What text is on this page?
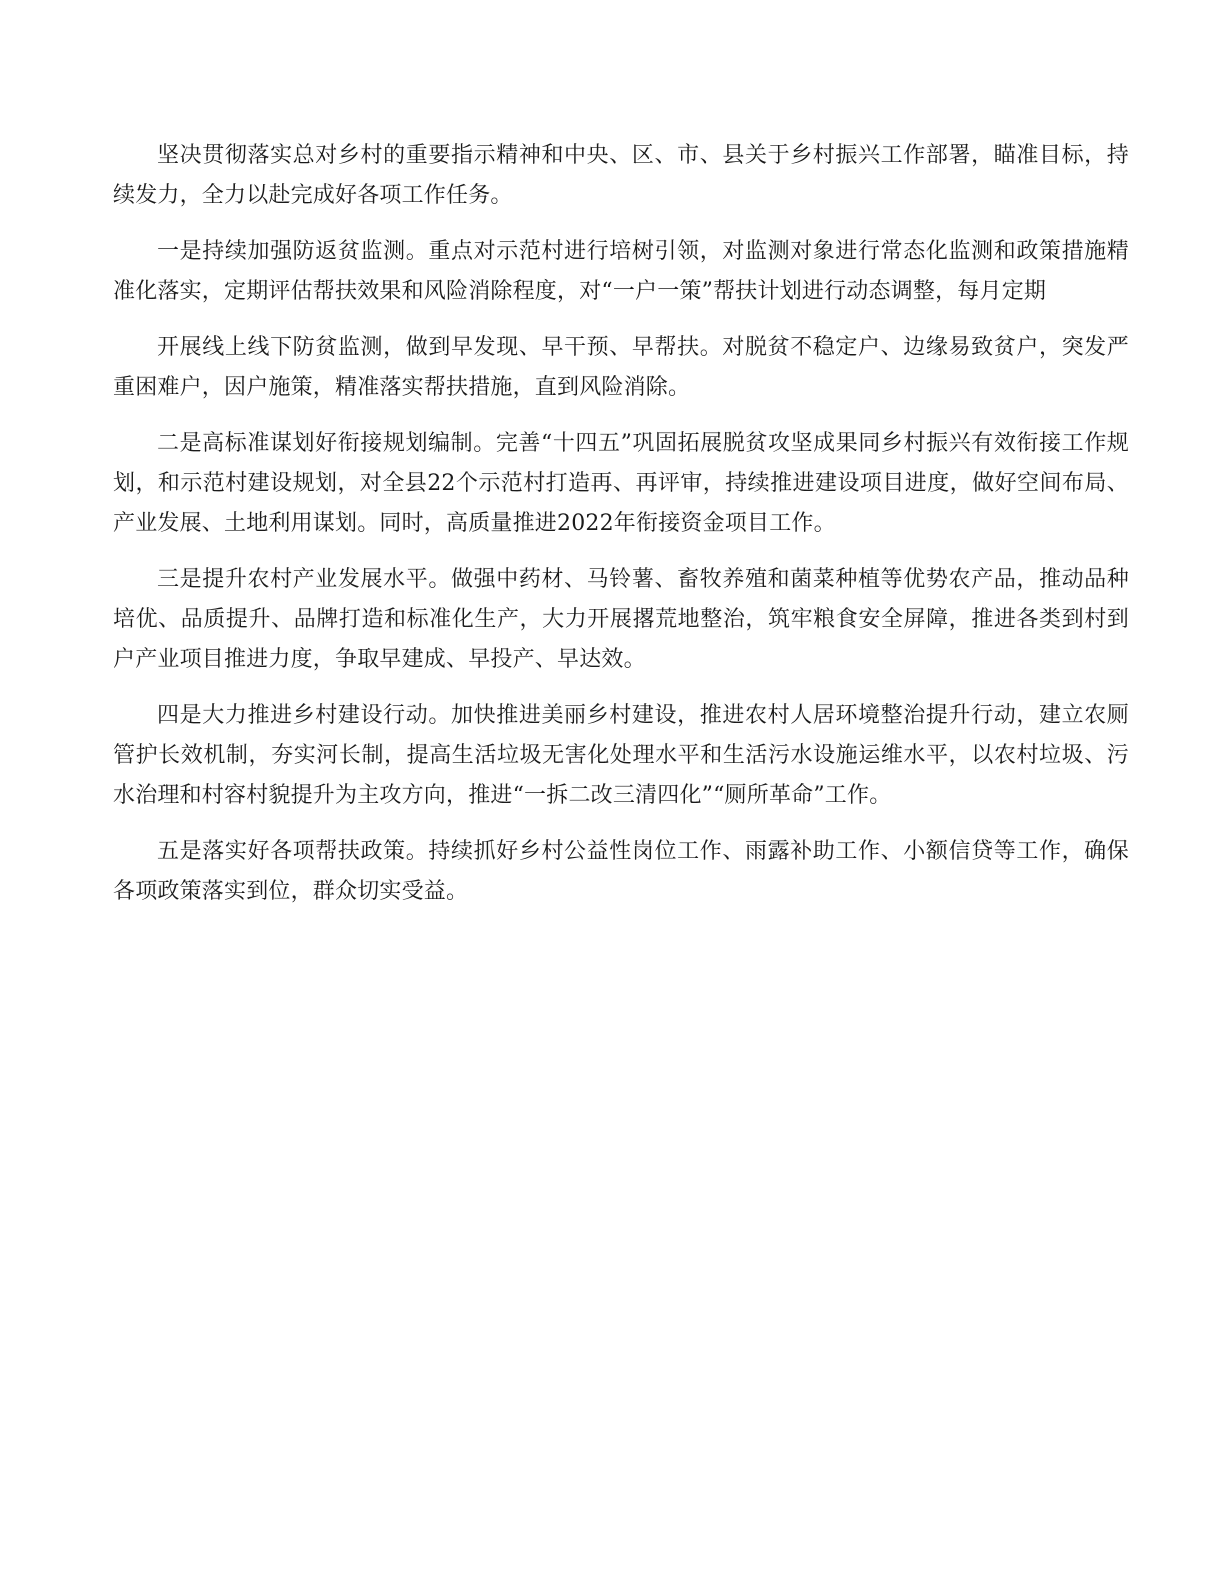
坚决贯彻落实总对乡村的重要指示精神和中央、区、市、县关于乡村振兴工作部署，瞄准目标，持续发力，全力以赴完成好各项工作任务。

一是持续加强防返贫监测。重点对示范村进行培树引领，对监测对象进行常态化监测和政策措施精准化落实，定期评估帮扶效果和风险消除程度，对“一户一策”帮扶计划进行动态调整，每月定期

开展线上线下防贫监测，做到早发现、早干预、早帮扶。对脱贫不稳定户、边缘易致贫户，突发严重困难户，因户施策，精准落实帮扶措施，直到风险消除。

二是高标准谋划好衔接规划编制。完善“十四五”巩固拓展脱贫攻坚成果同乡村振兴有效衔接工作规划，和示范村建设规划，对全县22个示范村打造再、再评审，持续推进建设项目进度，做好空间布局、产业发展、土地利用谋划。同时，高质量推进2022年衔接资金项目工作。

三是提升农村产业发展水平。做强中药材、马铃薯、畜牧养殖和菌菜种植等优势农产品，推动品种培优、品质提升、品牌打造和标准化生产，大力开展撂荒地整治，筑牢粮食安全屏障，推进各类到村到户产业项目推进力度，争取早建成、早投产、早达效。

四是大力推进乡村建设行动。加快推进美丽乡村建设，推进农村人居环境整治提升行动，建立农厕管护长效机制，夯实河长制，提高生活垃圾无害化处理水平和生活污水设施运维水平，以农村垃圾、污水治理和村容村貌提升为主攻方向，推进“一拆二改三清四化”“厕所革命”工作。

五是落实好各项帮扶政策。持续抓好乡村公益性岗位工作、雨露补助工作、小额信贷等工作，确保各项政策落实到位，群众切实受益。
